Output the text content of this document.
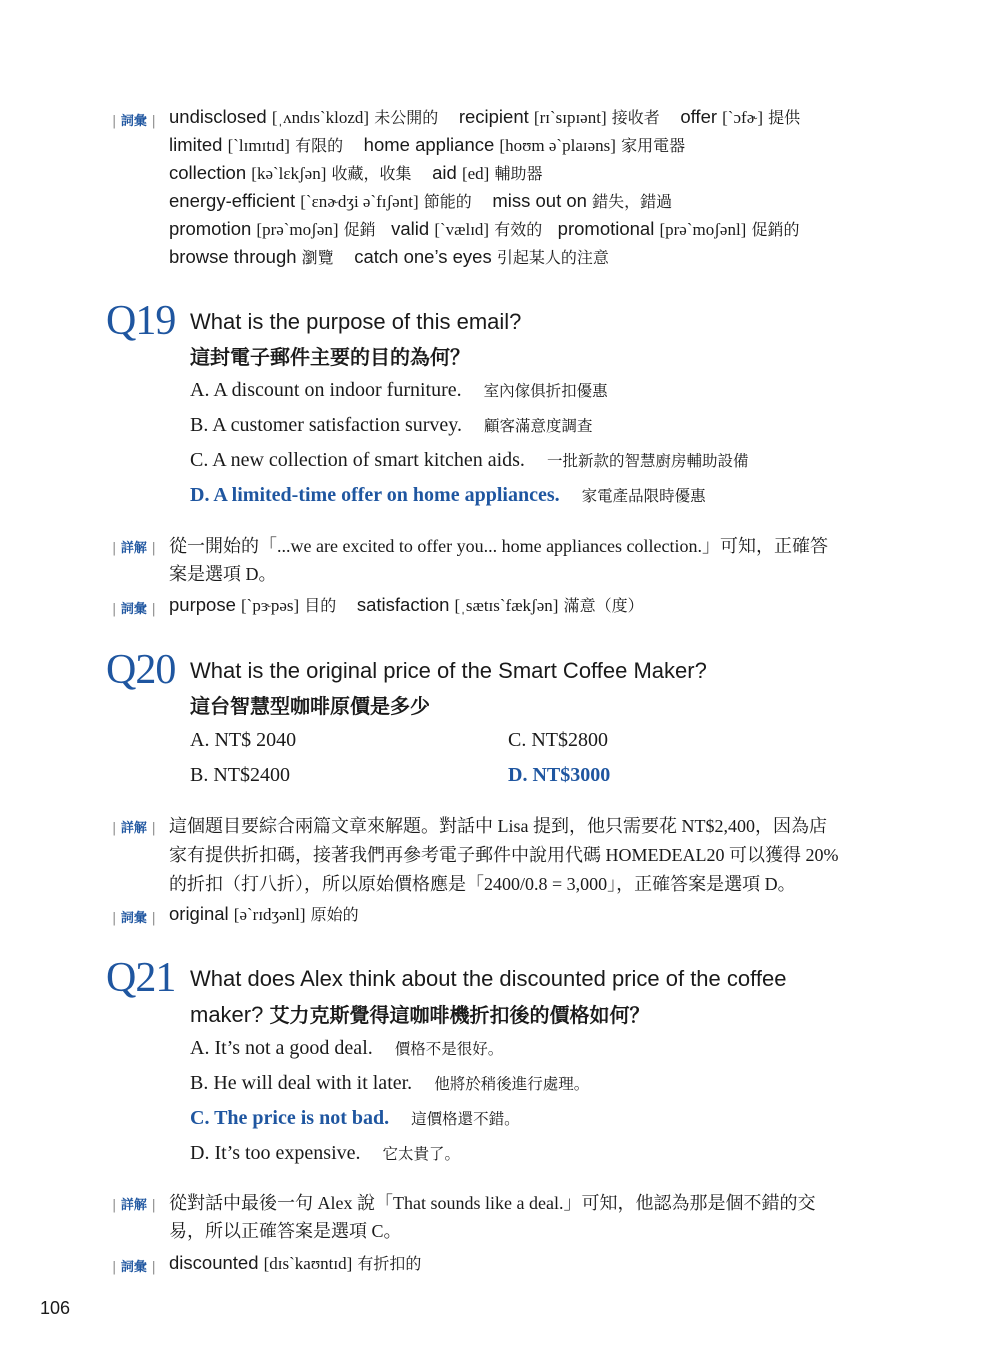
| 詞彙 | undisclosed [ˌʌndɪsˋklozd] 未公開的 recipient [rɪˋsɪpɪənt] 接收者 offer [ˋɔfɚ] 提供
limited [ˋlɪmɪtɪd] 有限的 home appliance [hoʊm əˋplaɪəns] 家用電器
collection [kəˋlɛkʃən] 收藏，收集 aid [ed] 輔助器
energy-efficient [ˋɛnɚdʒi əˋfɪʃənt] 節能的 miss out on 錯失，錯過
promotion [prəˋmoʃən] 促銷 valid [ˋvælɪd] 有效的 promotional [prəˋmoʃənl] 促銷的
browse through 瀏覽 catch one’s eyes 引起某人的注意
Q19 What is the purpose of this email?
這封電子郵件主要的目的為何？
A. A discount on indoor furniture. 室內傢俱折扣優惠
B. A customer satisfaction survey. 顧客滿意度調查
C. A new collection of smart kitchen aids. 一批新款的智慧廚房輔助設備
D. A limited-time offer on home appliances. 家電產品限時優惠
| 詳解 | 從一開始的「...we are excited to offer you... home appliances collection.」可知，正確答
案是選項 D。
| 詞彙 | purpose [ˋpɝpəs] 目的 satisfaction [ˌsætɪsˋfækʃən] 滿意（度）
Q20 What is the original price of the Smart Coffee Maker?
這台智慧型咖啡原價是多少
A. NT$ 2040	C. NT$2800
B. NT$2400	D. NT$3000
| 詳解 | 這個題目要綜合兩篇文章來解題。對話中 Lisa 提到，他只需要花 NT$2,400，因為店
家有提供折扣碼，接著我們再參考電子郵件中說用代碼 HOMEDEAL20 可以獲得 20%
的折扣（打八折），所以原始價格應是「2400/0.8 = 3,000」，正確答案是選項 D。
| 詞彙 | original [əˋrɪdʒənl] 原始的
Q21 What does Alex think about the discounted price of the coffee
maker? 艾力克斯覺得這咖啡機折扣後的價格如何？
A. It’s not a good deal. 價格不是很好。
B. He will deal with it later. 他將於稍後進行處理。
C. The price is not bad. 這價格還不錯。
D. It’s too expensive. 它太貴了。
| 詳解 | 從對話中最後一句 Alex 說「That sounds like a deal.」可知，他認為那是個不錯的交
易，所以正確答案是選項 C。
| 詞彙 | discounted [dɪsˋkaʊntɪd] 有折扣的
106
